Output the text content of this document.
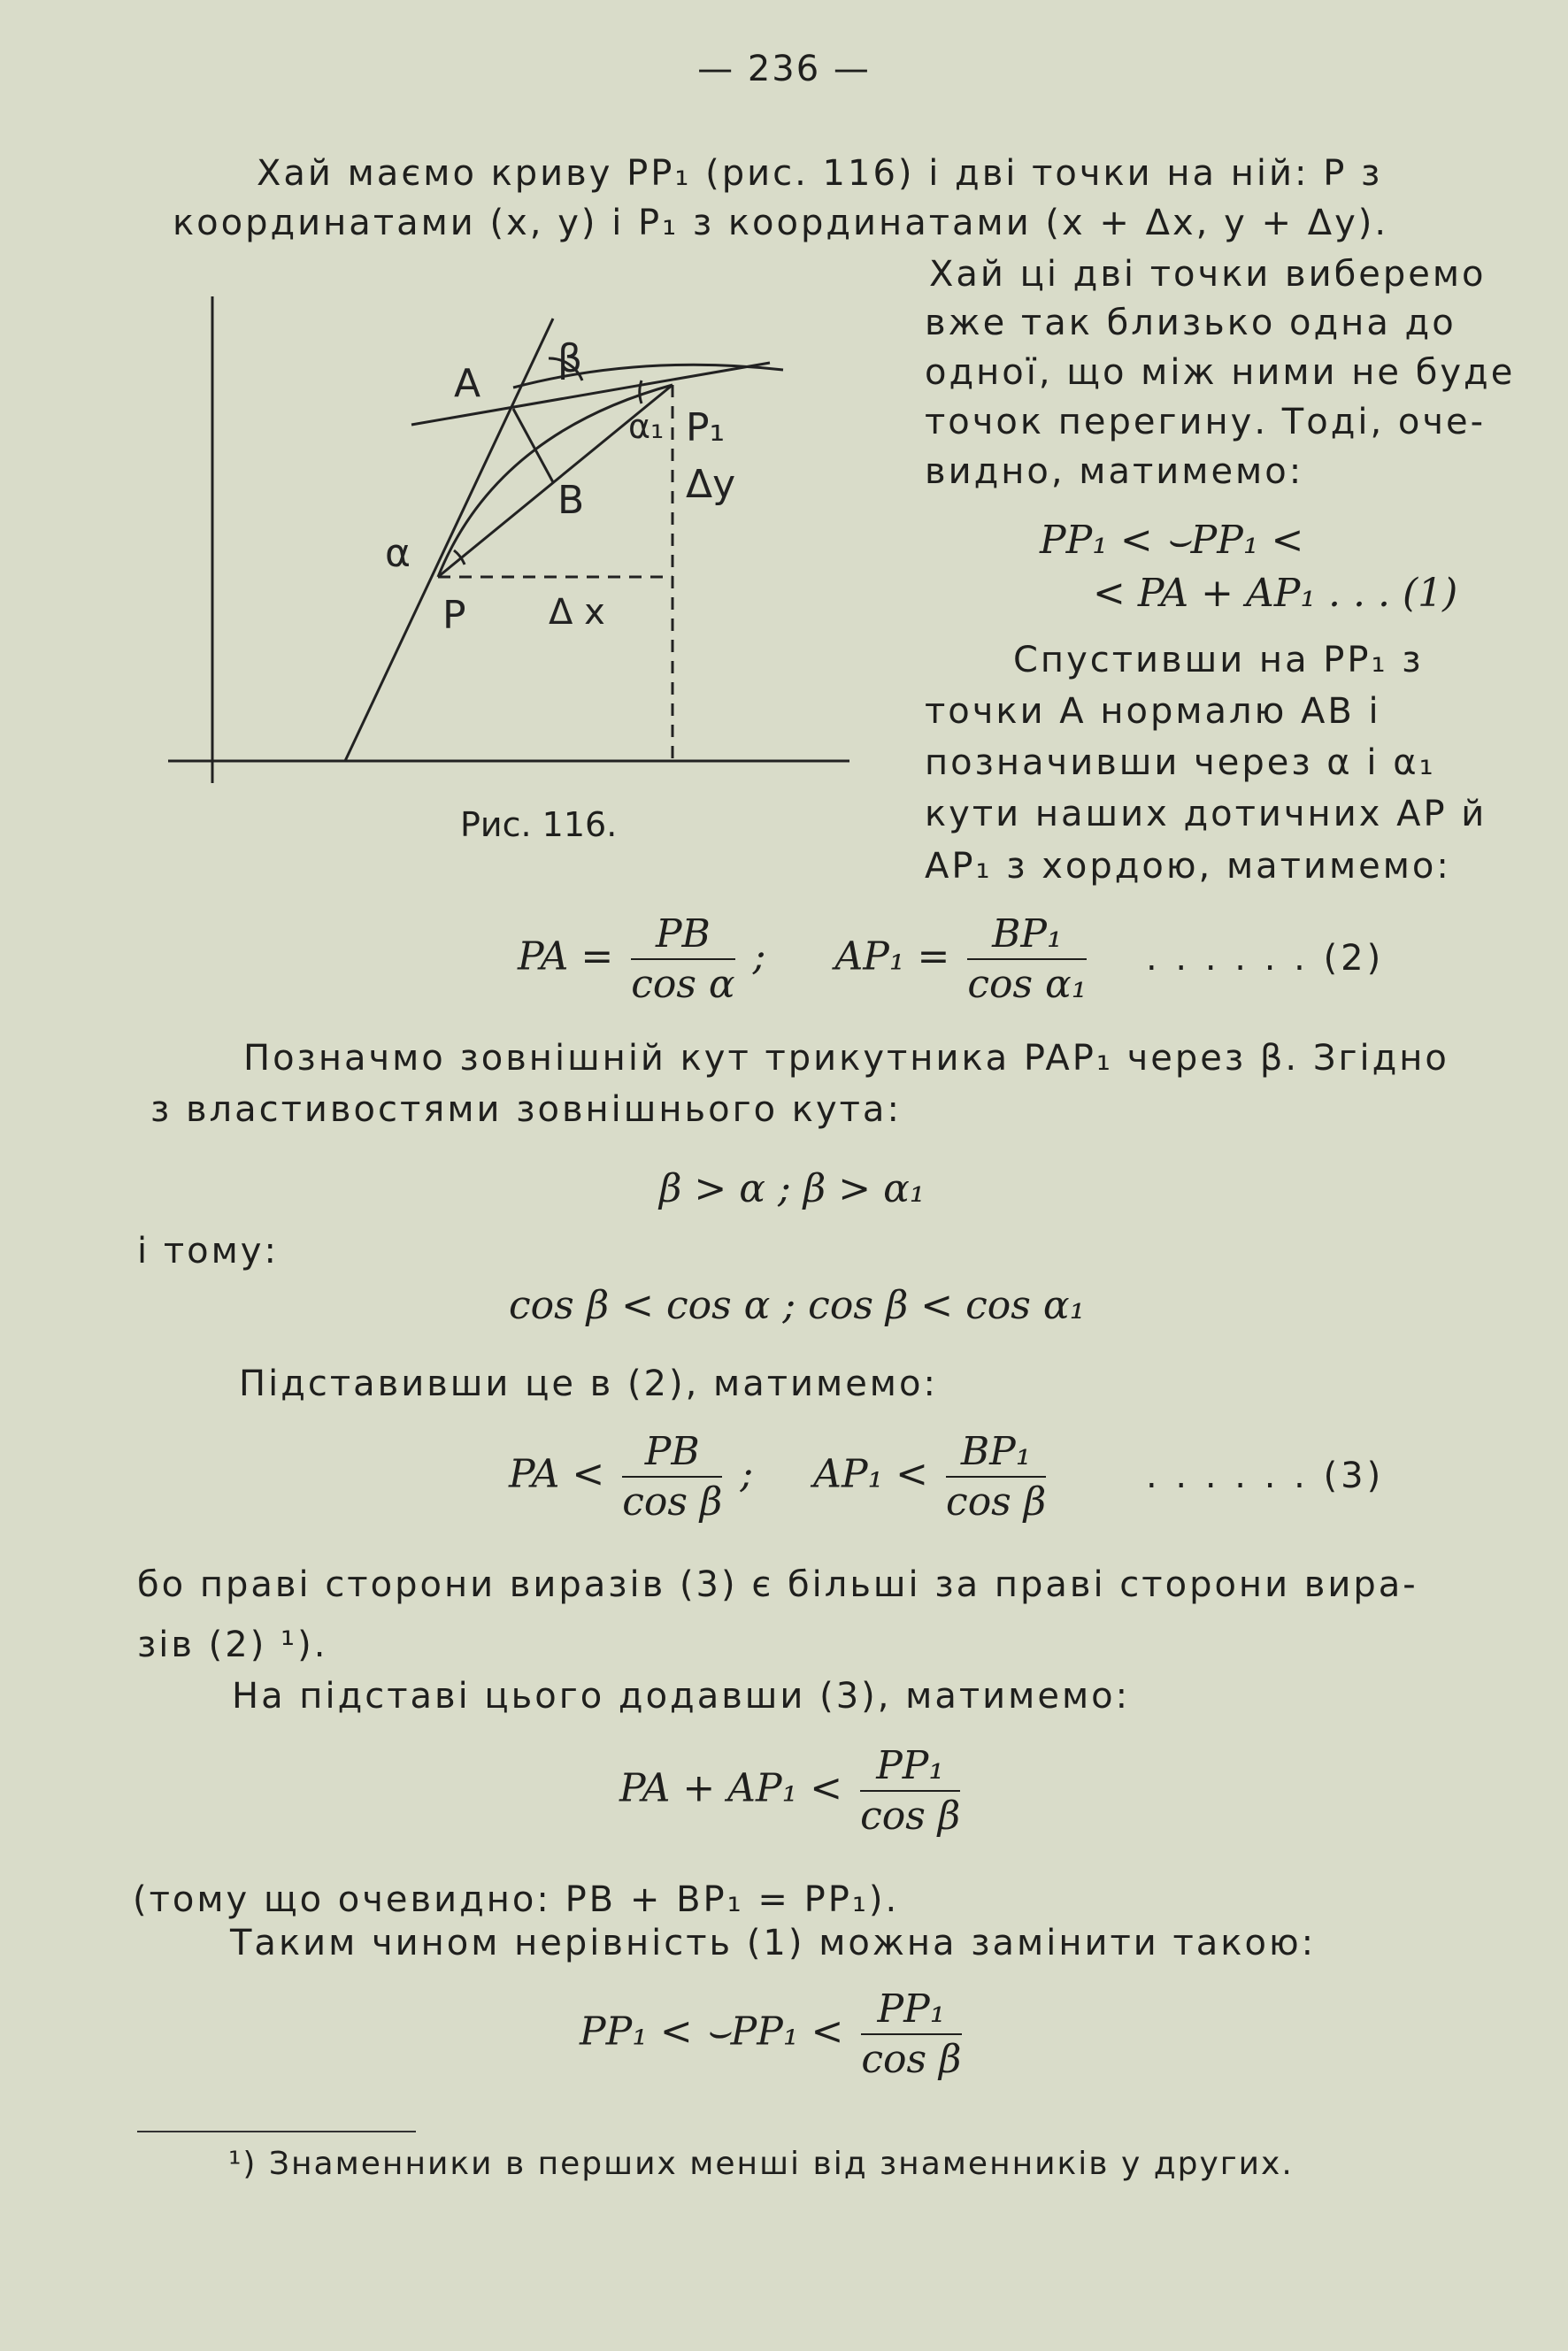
— 236 —
Хай маємо криву PP₁ (рис. 116) і дві точки на ній: P з
координатами (x, y) і P₁ з координатами (x + Δx, y + Δy).
A
β
P₁
α₁
Δy
B
α
P Δ x
Рис. 116.
Хай ці дві точки виберемо
вже так близько одна до
одної, що між ними не буде
точок перегину. Тоді, оче-
видно, матимемо:
PP₁ < ⌣PP₁ <
< PA + AP₁ . . . (1)
Спустивши на PP₁ з
точки A нормалю AB і
позначивши через α і α₁
кути наших дотичних AP й
AP₁ з хордою, матимемо:
PA = $\frac{PB}{\text{cos α}}$ ; $AP_1 = \frac{\text{BP₁}}{\text{cos α₁}}$ . . . . . . (2)
Позначмо зовнішній кут трикутника PAP₁ через β. Згідно
з властивостями зовнішнього кута:
β > α ; β > α₁
і тому:
cos β < cos α ; cos β < cos α₁
Підставивши це в (2), матимемо:
PA < $\frac{PB}{\text{cos β}}$ ; $AP_1 < \frac{\text{BP₁}}{\text{cos β}}$	. . . . . . (3)
бо праві сторони виразів (3) є більші за праві сторони вира-
зів (2) ¹).
На підставі цього додавши (3), матимемо:
PA + $AP_1 < \frac{\text{PP₁}}{\text{cos β}}$
(тому що очевидно: PB + BP₁ = PP₁).
Таким чином нерівність (1) можна замінити такою:
PP₁ < ⌣PP₁ < $\frac{\text{PP₁}}{\text{cos β}}$
¹) Знаменники в перших менші від знаменників у других.
